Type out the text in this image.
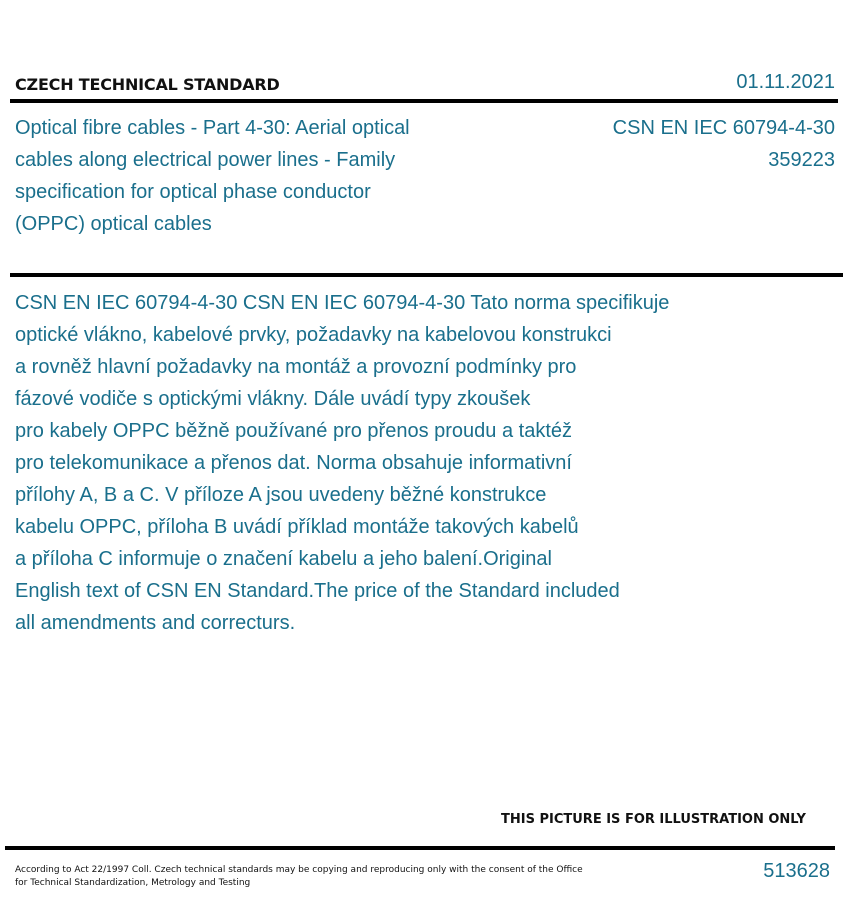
CZECH TECHNICAL STANDARD	01.11.2021
Optical fibre cables - Part 4-30: Aerial optical cables along electrical power lines - Family specification for optical phase conductor (OPPC) optical cables
CSN EN IEC 60794-4-30
359223
CSN EN IEC 60794-4-30 CSN EN IEC 60794-4-30 Tato norma specifikuje
optické vlákno, kabelové prvky, požadavky na kabelovou konstrukci
a rovněž hlavní požadavky na montáž a provozní podmínky pro
fázové vodiče s optickými vlákny. Dále uvádí typy zkoušek
pro kabely OPPC běžně používané pro přenos proudu a taktéž
pro telekomunikace a přenos dat. Norma obsahuje informativní
přílohy A, B a C. V příloze A jsou uvedeny běžné konstrukce
kabelu OPPC, příloha B uvádí příklad montáže takových kabelů
a příloha C informuje o značení kabelu a jeho balení.Original
English text of CSN EN Standard.The price of the Standard included
all amendments and correcturs.
THIS PICTURE IS FOR ILLUSTRATION ONLY
According to Act 22/1997 Coll. Czech technical standards may be copying and reproducing only with the consent of the Office
for Technical Standardization, Metrology and Testing
513628
